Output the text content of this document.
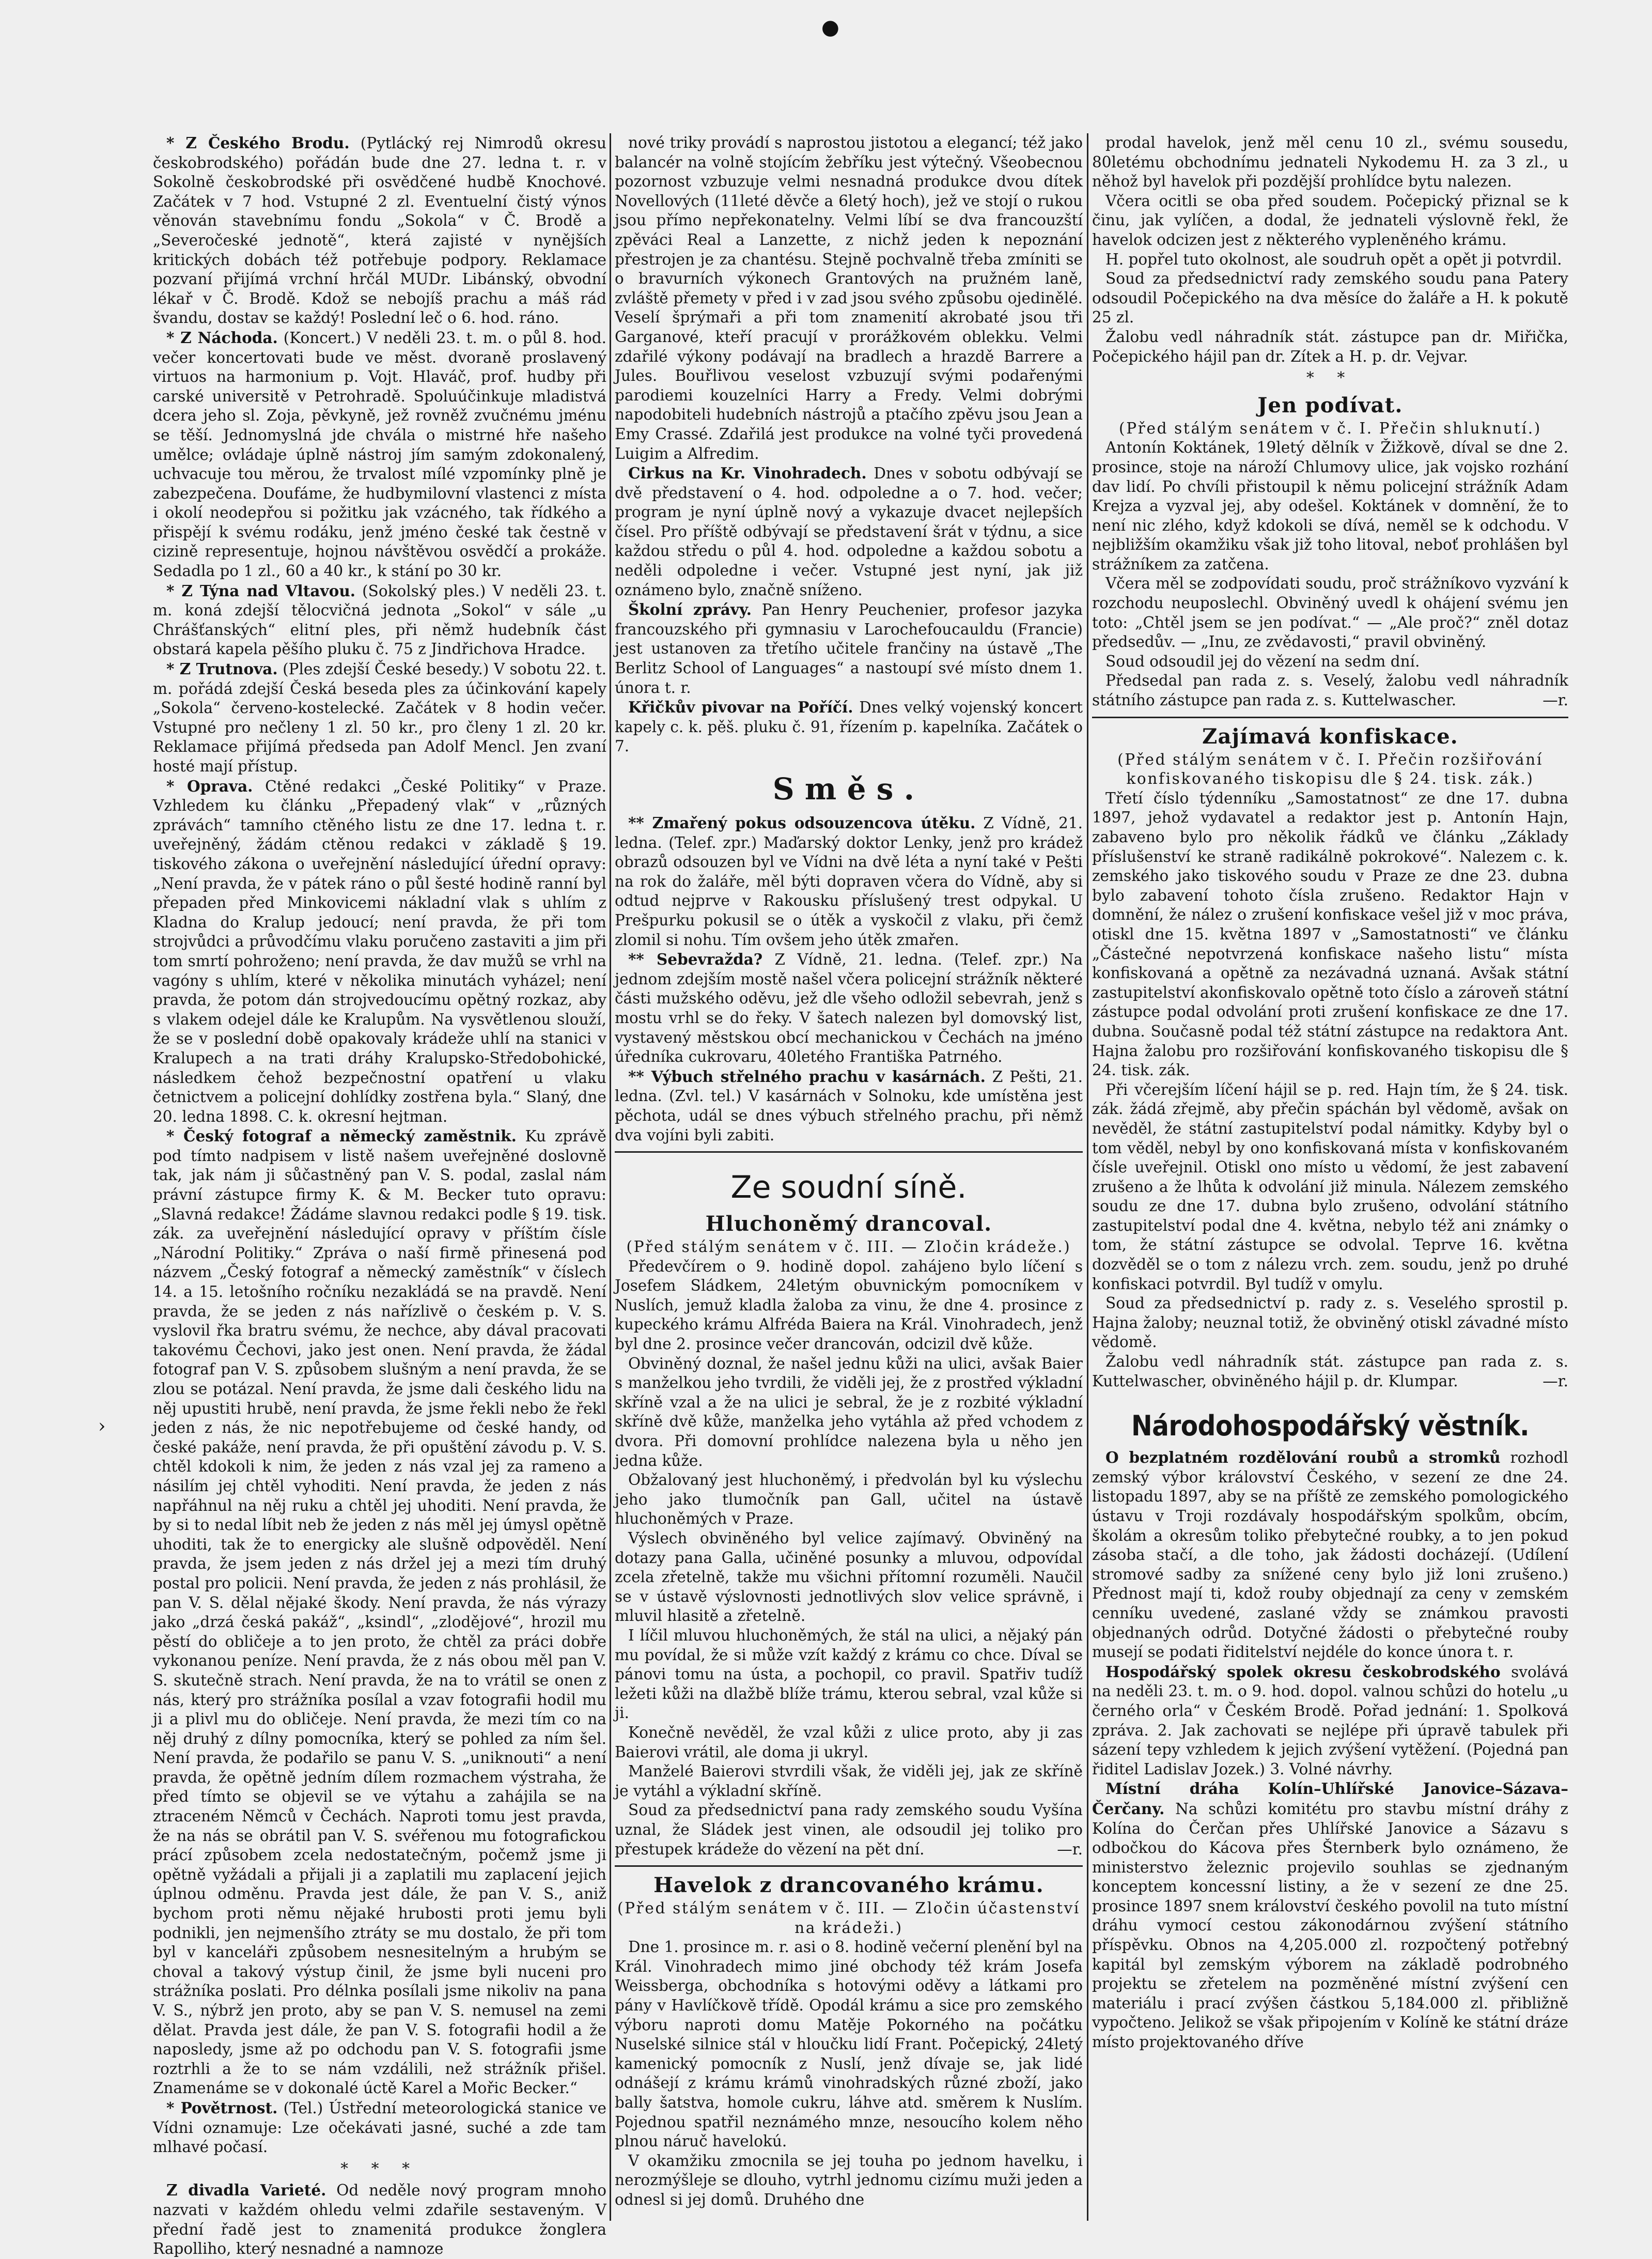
●
›

* Z Českého Brodu. (Pytlácký rej Nimrodů okresu českobrodského) pořádán bude dne 27. ledna t. r. v Sokolně českobrodské při osvědčené hudbě Knochové. Začátek v 7 hod. Vstupné 2 zl. Eventuelní čistý výnos věnován stavebnímu fondu „Sokola“ v Č. Brodě a „Severočeské jednotě“, která zajisté v nynějších kritických dobách též potřebuje podpory. Reklamace pozvaní přijímá vrchní hrčál MUDr. Libánský, obvodní lékař v Č. Brodě. Kdož se nebojíš prachu a máš rád švandu, dostav se každý! Poslední leč o 6. hod. ráno.

* Z Náchoda. (Koncert.) V neděli 23. t. m. o půl 8. hod. večer koncertovati bude ve měst. dvoraně proslavený virtuos na harmonium p. Vojt. Hlaváč, prof. hudby při carské universitě v Petrohradě. Spoluúčinkuje mladistvá dcera jeho sl. Zoja, pěvkyně, jež rovněž zvučnému jménu se těší. Jednomyslná jde chvála o mistrné hře našeho umělce; ovládaje úplně nástroj jím samým zdokonalený, uchvacuje tou měrou, že trvalost mílé vzpomínky plně je zabezpečena. Doufáme, že hudbymilovní vlastenci z místa i okolí neodepřou si požitku jak vzácného, tak řídkého a přispějí k svému rodáku, jenž jméno české tak čestně v cizině representuje, hojnou návštěvou osvědčí a prokáže. Sedadla po 1 zl., 60 a 40 kr., k stání po 30 kr.

* Z Týna nad Vltavou. (Sokolský ples.) V neděli 23. t. m. koná zdejší tělocvičná jednota „Sokol“ v sále „u Chrášťanských“ elitní ples, při němž hudebník část obstará kapela pěšího pluku č. 75 z Jindřichova Hradce.

* Z Trutnova. (Ples zdejší České besedy.) V sobotu 22. t. m. pořádá zdejší Česká beseda ples za účinkování kapely „Sokola“ červeno-kostelecké. Začátek v 8 hodin večer. Vstupné pro nečleny 1 zl. 50 kr., pro členy 1 zl. 20 kr. Reklamace přijímá předseda pan Adolf Mencl. Jen zvaní hosté mají přístup.

* Oprava. Ctěné redakci „České Politiky“ v Praze. Vzhledem ku článku „Přepadený vlak“ v „různých zprávách“ tamního ctěného listu ze dne 17. ledna t. r. uveřejněný, žádám ctěnou redakci v základě § 19. tiskového zákona o uveřejnění následující úřední opravy: „Není pravda, že v pátek ráno o půl šesté hodině ranní byl přepaden před Minkovicemi nákladní vlak s uhlím z Kladna do Kralup jedoucí; není pravda, že při tom strojvůdci a průvodčímu vlaku poručeno zastaviti a jim při tom smrtí pohroženo; není pravda, že dav mužů se vrhl na vagóny s uhlím, které v několika minutách vyházel; není pravda, že potom dán strojvedoucímu opětný rozkaz, aby s vlakem odejel dále ke Kralupům. Na vysvětlenou slouží, že se v poslední době opakovaly krádeže uhlí na stanici v Kralupech a na trati dráhy Kralupsko-Středobohické, následkem čehož bezpečnostní opatření u vlaku četnictvem a policejní dohlídky zostřena byla.“ Slaný, dne 20. ledna 1898. C. k. okresní hejtman.

* Český fotograf a německý zaměstnik. Ku zprávě pod tímto nadpisem v listě našem uveřejněné doslovně tak, jak nám ji sůčastněný pan V. S. podal, zaslal nám právní zástupce firmy K. & M. Becker tuto opravu: „Slavná redakce! Žádáme slavnou redakci podle § 19. tisk. zák. za uveřejnění následující opravy v příštím čísle „Národní Politiky.“ Zpráva o naší firmě přinesená pod názvem „Český fotograf a německý zaměstník“ v číslech 14. a 15. letošního ročníku nezakládá se na pravdě. Není pravda, že se jeden z nás nařízlivě o českém p. V. S. vyslovil řka bratru svému, že nechce, aby dával pracovati takovému Čechovi, jako jest onen. Není pravda, že žádal fotograf pan V. S. způsobem slušným a není pravda, že se zlou se potázal. Není pravda, že jsme dali českého lidu na něj upustiti hrubě, není pravda, že jsme řekli nebo že řekl jeden z nás, že nic nepotřebujeme od české handy, od české pakáže, není pravda, že při opuštění závodu p. V. S. chtěl kdokoli k nim, že jeden z nás vzal jej za rameno a násilím jej chtěl vyhoditi. Není pravda, že jeden z nás napřáhnul na něj ruku a chtěl jej uhoditi. Není pravda, že by si to nedal líbit neb že jeden z nás měl jej úmysl opětně uhoditi, tak že to energicky ale slušně odpověděl. Není pravda, že jsem jeden z nás držel jej a mezi tím druhý postal pro policii. Není pravda, že jeden z nás prohlásil, že pan V. S. dělal nějaké škody. Není pravda, že nás výrazy jako „drzá česká pakáž“, „ksindl“, „zlodějové“, hrozil mu pěstí do obličeje a to jen proto, že chtěl za práci dobře vykonanou peníze. Není pravda, že z nás obou měl pan V. S. skutečně strach. Není pravda, že na to vrátil se onen z nás, který pro strážníka posílal a vzav fotografii hodil mu ji a plivl mu do obličeje. Není pravda, že mezi tím co na něj druhý z dílny pomocníka, který se pohled za ním šel. Není pravda, že podařilo se panu V. S. „uniknouti“ a není pravda, že opětně jedním dílem rozmachem výstraha, že před tímto se objevil se ve výtahu a zahájila se na ztraceném Němců v Čechách. Naproti tomu jest pravda, že na nás se obrátil pan V. S. svéřenou mu fotografickou prácí způsobem zcela nedostatečným, počemž jsme ji opětně vyžádali a přijali ji a zaplatili mu zaplacení jejich úplnou odměnu. Pravda jest dále, že pan V. S., aniž bychom proti němu nějaké hrubosti proti jemu byli podnikli, jen nejmenšího ztráty se mu dostalo, že při tom byl v kanceláři způsobem nesnesitelným a hrubým se choval a takový výstup činil, že jsme byli nuceni pro strážníka poslati. Pro délnka posílali jsme nikoliv na pana V. S., nýbrž jen proto, aby se pan V. S. nemusel na zemi dělat. Pravda jest dále, že pan V. S. fotografii hodil a že naposledy, jsme až po odchodu pan V. S. fotografii jsme roztrhli a že to se nám vzdálili, než strážník přišel. Znamenáme se v dokonalé úctě Karel a Mořic Becker.“

* Povětrnost. (Tel.) Ústřední meteorologická stanice ve Vídni oznamuje: Lze očekávati jasné, suché a zde tam mlhavé počasí.

* * *

Z divadla Varieté. Od neděle nový program mnoho nazvati v každém ohledu velmi zdařile sestaveným. V přední řadě jest to znamenitá produkce žonglera Rapolliho, který nesnadné a namnoze

nové triky provádí s naprostou jistotou a elegancí; též jako balancér na volně stojícím žebříku jest výtečný. Všeobecnou pozornost vzbuzuje velmi nesnadná produkce dvou dítek Novellových (11leté děvče a 6letý hoch), jež ve stojí o rukou jsou přímo nepřekonatelny. Velmi líbí se dva francouzští zpěváci Real a Lanzette, z nichž jeden k nepoznání přestrojen je za chantésu. Stejně pochvalně třeba zmíniti se o bravurních výkonech Grantových na pružném laně, zvláště přemety v před i v zad jsou svého způsobu ojedinělé. Veselí šprýmaři a při tom znamenití akrobaté jsou tři Garganové, kteří pracují v prorážkovém oblekku. Velmi zdařilé výkony podávají na bradlech a hrazdě Barrere a Jules. Bouřlivou veselost vzbuzují svými podařenými parodiemi kouzelníci Harry a Fredy. Velmi dobrými napodobiteli hudebních nástrojů a ptačího zpěvu jsou Jean a Emy Crassé. Zdařilá jest produkce na volné tyči provedená Luigim a Alfredim.

Cirkus na Kr. Vinohradech. Dnes v sobotu odbývají se dvě představení o 4. hod. odpoledne a o 7. hod. večer; program je nyní úplně nový a vykazuje dvacet nejlepších čísel. Pro příště odbývají se představení šrát v týdnu, a sice každou středu o půl 4. hod. odpoledne a každou sobotu a neděli odpoledne i večer. Vstupné jest nyní, jak již oznámeno bylo, značně sníženo.

Školní zprávy. Pan Henry Peuchenier, profesor jazyka francouzského při gymnasiu v Larochefoucauldu (Francie) jest ustanoven za třetího učitele frančiny na ústavě „The Berlitz School of Languages“ a nastoupí své místo dnem 1. února t. r.

Křičkův pivovar na Poříčí. Dnes velký vojenský koncert kapely c. k. pěš. pluku č. 91, řízením p. kapelníka. Začátek o 7.

Směs.

** Zmařený pokus odsouzencova útěku. Z Vídně, 21. ledna. (Telef. zpr.) Maďarský doktor Lenky, jenž pro krádež obrazů odsouzen byl ve Vídni na dvě léta a nyní také v Pešti na rok do žaláře, měl býti dopraven včera do Vídně, aby si odtud nejprve v Rakousku příslušený trest odpykal. U Prešpurku pokusil se o útěk a vyskočil z vlaku, při čemž zlomil si nohu. Tím ovšem jeho útěk zmařen.

** Sebevražda? Z Vídně, 21. ledna. (Telef. zpr.) Na jednom zdejším mostě našel včera policejní strážník některé části mužského oděvu, jež dle všeho odložil sebevrah, jenž s mostu vrhl se do řeky. V šatech nalezen byl domovský list, vystavený městskou obcí mechanickou v Čechách na jméno úředníka cukrovaru, 40letého Františka Patrného.

** Výbuch střelného prachu v kasárnách. Z Pešti, 21. ledna. (Zvl. tel.) V kasárnách v Solnoku, kde umístěna jest pěchota, udál se dnes výbuch střelného prachu, při němž dva vojíni byli zabiti.

Ze soudní síně.
Hluchoněmý drancoval.

(Před stálým senátem v č. III. — Zločin krádeže.)

Předevčírem o 9. hodině dopol. zahájeno bylo líčení s Josefem Sládkem, 24letým obuvnickým pomocníkem v Nuslích, jemuž kladla žaloba za vinu, že dne 4. prosince z kupeckého krámu Alfréda Baiera na Král. Vinohradech, jenž byl dne 2. prosince večer drancován, odcizil dvě kůže.

Obviněný doznal, že našel jednu kůži na ulici, avšak Baier s manželkou jeho tvrdili, že viděli jej, že z prostřed výkladní skříně vzal a že na ulici je sebral, že je z rozbité výkladní skříně dvě kůže, manželka jeho vytáhla až před vchodem z dvora. Při domovní prohlídce nalezena byla u něho jen jedna kůže.

Obžalovaný jest hluchoněmý, i předvolán byl ku výslechu jeho jako tlumočník pan Gall, učitel na ústavě hluchoněmých v Praze.

Výslech obviněného byl velice zajímavý. Obviněný na dotazy pana Galla, učiněné posunky a mluvou, odpovídal zcela zřetelně, takže mu všichni přítomní rozuměli. Naučil se v ústavě výslovnosti jednotlivých slov velice správně, i mluvil hlasitě a zřetelně.

I líčil mluvou hluchoněmých, že stál na ulici, a nějaký pán mu povídal, že si může vzít každý z krámu co chce. Díval se pánovi tomu na ústa, a pochopil, co pravil. Spatřiv tudíž ležeti kůži na dlažbě blíže trámu, kterou sebral, vzal kůže si ji.

Konečně nevěděl, že vzal kůži z ulice proto, aby ji zas Baierovi vrátil, ale doma ji ukryl.

Manželé Baierovi stvrdili však, že viděli jej, jak ze skříně je vytáhl a výkladní skříně.

Soud za předsednictví pana rady zemského soudu Vyšína uznal, že Sládek jest vinen, ale odsoudil jej toliko pro přestupek krádeže do vězení na pět dní.	—r.

Havelok z drancovaného krámu.

(Před stálým senátem v č. III. — Zločin účastenství na krádeži.)

Dne 1. prosince m. r. asi o 8. hodině večerní plenění byl na Král. Vinohradech mimo jiné obchody též krám Josefa Weissberga, obchodníka s hotovými oděvy a látkami pro pány v Havlíčkově třídě. Opodál krámu a sice pro zemského výboru naproti domu Matěje Pokorného na počátku Nuselské silnice stál v hloučku lidí Frant. Počepický, 24letý kamenický pomocník z Nuslí, jenž dívaje se, jak lidé odnášejí z krámu krámů vinohradských různé zboží, jako bally šatstva, homole cukru, láhve atd. směrem k Nuslím. Pojednou spatřil neznámého mnze, nesoucího kolem něho plnou náruč havelokú.

V okamžiku zmocnila se jej touha po jednom havelku, i nerozmýšleje se dlouho, vytrhl jednomu cizímu muži jeden a odnesl si jej domů. Druhého dne

prodal havelok, jenž měl cenu 10 zl., svému sousedu, 80letému obchodnímu jednateli Nykodemu H. za 3 zl., u něhož byl havelok při pozdější prohlídce bytu nalezen.

Včera ocitli se oba před soudem. Počepický přiznal se k činu, jak vylíčen, a dodal, že jednateli výslovně řekl, že havelok odcizen jest z některého vypleněného krámu.

H. popřel tuto okolnost, ale soudruh opět a opět ji potvrdil.

Soud za předsednictví rady zemského soudu pana Patery odsoudil Počepického na dva měsíce do žaláře a H. k pokutě 25 zl.

Žalobu vedl náhradník stát. zástupce pan dr. Miřička, Počepického hájil pan dr. Zítek a H. p. dr. Vejvar.

* *

Jen podívat.

(Před stálým senátem v č. I. Přečin shluknutí.)

Antonín Koktánek, 19letý dělník v Žižkově, díval se dne 2. prosince, stoje na nároží Chlumovy ulice, jak vojsko rozhání dav lidí. Po chvíli přistoupil k němu policejní strážník Adam Krejza a vyzval jej, aby odešel. Koktánek v domnění, že to není nic zlého, když kdokoli se dívá, neměl se k odchodu. V nejbližším okamžiku však již toho litoval, neboť prohlášen byl strážníkem za zatčena.

Včera měl se zodpovídati soudu, proč strážníkovo vyzvání k rozchodu neuposlechl. Obviněný uvedl k ohájení svému jen toto: „Chtěl jsem se jen podívat.“ — „Ale proč?“ zněl dotaz předsedův. — „Inu, ze zvědavosti,“ pravil obviněný.

Soud odsoudil jej do vězení na sedm dní.

Předsedal pan rada z. s. Veselý, žalobu vedl náhradník státního zástupce pan rada z. s. Kuttelwascher.	—r.

Zajímavá konfiskace.

(Před stálým senátem v č. I. Přečin rozšiřování konfiskovaného tiskopisu dle § 24. tisk. zák.)

Třetí číslo týdenníku „Samostatnost“ ze dne 17. dubna 1897, jehož vydavatel a redaktor jest p. Antonín Hajn, zabaveno bylo pro několik řádků ve článku „Základy příslušenství ke straně radikálně pokrokové“. Nalezem c. k. zemského jako tiskového soudu v Praze ze dne 23. dubna bylo zabavení tohoto čísla zrušeno. Redaktor Hajn v domnění, že nález o zrušení konfiskace vešel již v moc práva, otiskl dne 15. května 1897 v „Samostatnosti“ ve článku „Částečné nepotvrzená konfiskace našeho listu“ místa konfiskovaná a opětně za nezávadná uznaná. Avšak státní zastupitelství akonfiskovalo opětně toto číslo a zároveň státní zástupce podal odvolání proti zrušení konfiskace ze dne 17. dubna. Současně podal též státní zástupce na redaktora Ant. Hajna žalobu pro rozšiřování konfiskovaného tiskopisu dle § 24. tisk. zák.

Při včerejším líčení hájil se p. red. Hajn tím, že § 24. tisk. zák. žádá zřejmě, aby přečin spáchán byl vědomě, avšak on nevěděl, že státní zastupitelství podal námitky. Kdyby byl o tom věděl, nebyl by ono konfiskovaná místa v konfiskovaném čísle uveřejnil. Otiskl ono místo u vědomí, že jest zabavení zrušeno a že lhůta k odvolání již minula. Nálezem zemského soudu ze dne 17. dubna bylo zrušeno, odvolání státního zastupitelství podal dne 4. května, nebylo též ani známky o tom, že státní zástupce se odvolal. Teprve 16. května dozvěděl se o tom z nálezu vrch. zem. soudu, jenž po druhé konfiskaci potvrdil. Byl tudíž v omylu.

Soud za předsednictví p. rady z. s. Veselého sprostil p. Hajna žaloby; neuznal totiž, že obviněný otiskl závadné místo vědomě.

Žalobu vedl náhradník stát. zástupce pan rada z. s. Kuttelwascher, obviněného hájil p. dr. Klumpar.	—r.

Národohospodářský věstník.

O bezplatném rozdělování roubů a stromků rozhodl zemský výbor království Českého, v sezení ze dne 24. listopadu 1897, aby se na příště ze zemského pomologického ústavu v Troji rozdávaly hospodářským spolkům, obcím, školám a okresům toliko přebytečné roubky, a to jen pokud zásoba stačí, a dle toho, jak žádosti docházejí. (Udílení stromové sadby za snížené ceny bylo již loni zrušeno.) Přednost mají ti, kdož rouby objednají za ceny v zemském cenníku uvedené, zaslané vždy se známkou pravosti objednaných odrůd. Dotyčné žádosti o přebytečné rouby musejí se podati řiditelství nejdéle do konce února t. r.

Hospodářský spolek okresu českobrodského svolává na neděli 23. t. m. o 9. hod. dopol. valnou schůzi do hotelu „u černého orla“ v Českém Brodě. Pořad jednání: 1. Spolková zpráva. 2. Jak zachovati se nejlépe při úpravě tabulek při sázení tepy vzhledem k jejich zvýšení vytěžení. (Pojedná pan řiditel Ladislav Jozek.) 3. Volné návrhy.

Místní dráha Kolín–Uhlířské Janovice–Sázava–Čerčany. Na schůzi komitétu pro stavbu místní dráhy z Kolína do Čerčan přes Uhlířské Janovice a Sázavu s odbočkou do Kácova přes Šternberk bylo oznámeno, že ministerstvo železnic projevilo souhlas se zjednaným konceptem koncessní listiny, a že v sezení ze dne 25. prosince 1897 snem království českého povolil na tuto místní dráhu vymocí cestou zákonodárnou zvýšení státního příspěvku. Obnos na 4,205.000 zl. rozpočtený potřebný kapitál byl zemským výborem na základě podrobného projektu se zřetelem na pozměněné místní zvýšení cen materiálu i prací zvýšen částkou 5,184.000 zl. přibližně vypočteno. Jelikož se však připojením v Kolíně ke státní dráze místo projektovaného dříve
